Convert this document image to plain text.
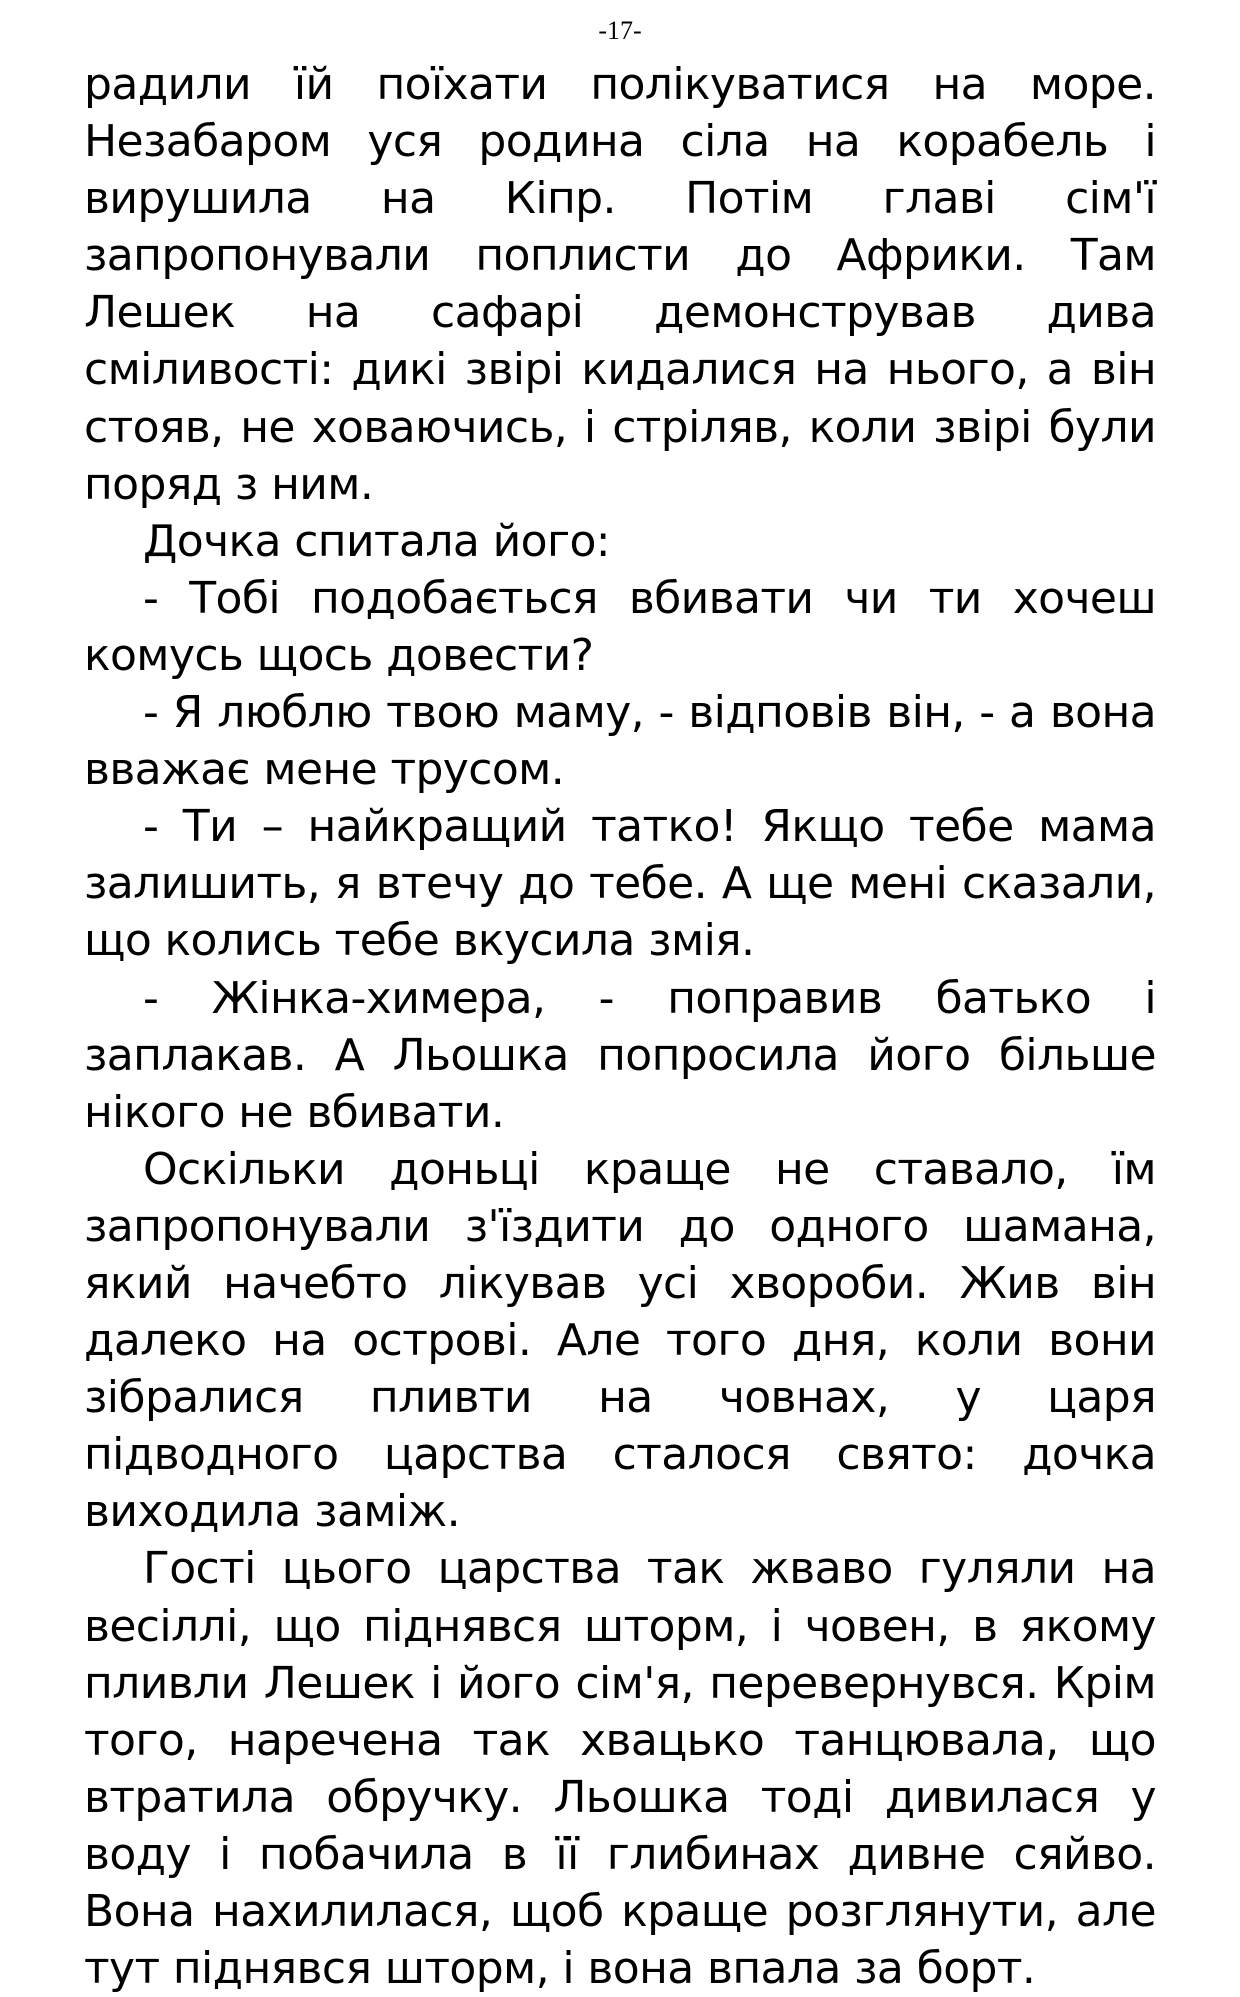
-17-

радили їй поїхати полікуватися на море. Незабаром уся родина сіла на корабель і вирушила на Кіпр. Потім главі сім'ї запропонували поплисти до Африки. Там Лешек на сафарі демонстрував дива сміливості: дикі звірі кидалися на нього, а він стояв, не ховаючись, і стріляв, коли звірі були поряд з ним.

Дочка спитала його:

- Тобі подобається вбивати чи ти хочеш комусь щось довести?

- Я люблю твою маму, - відповів він, - а вона вважає мене трусом.

- Ти – найкращий татко! Якщо тебе мама залишить, я втечу до тебе. А ще мені сказали, що колись тебе вкусила змія.

- Жінка-химера, - поправив батько і заплакав. А Льошка попросила його більше нікого не вбивати.

Оскільки доньці краще не ставало, їм запропонували з'їздити до одного шамана, який начебто лікував усі хвороби. Жив він далеко на острові. Але того дня, коли вони зібралися пливти на човнах, у царя підводного царства сталося свято: дочка виходила заміж.

Гості цього царства так жваво гуляли на весіллі, що піднявся шторм, і човен, в якому пливли Лешек і його сім'я, перевернувся. Крім того, наречена так хвацько танцювала, що втратила обручку. Льошка тоді дивилася у воду і побачила в її глибинах дивне сяйво. Вона нахилилася, щоб краще розглянути, але тут піднявся шторм, і вона впала за борт.
